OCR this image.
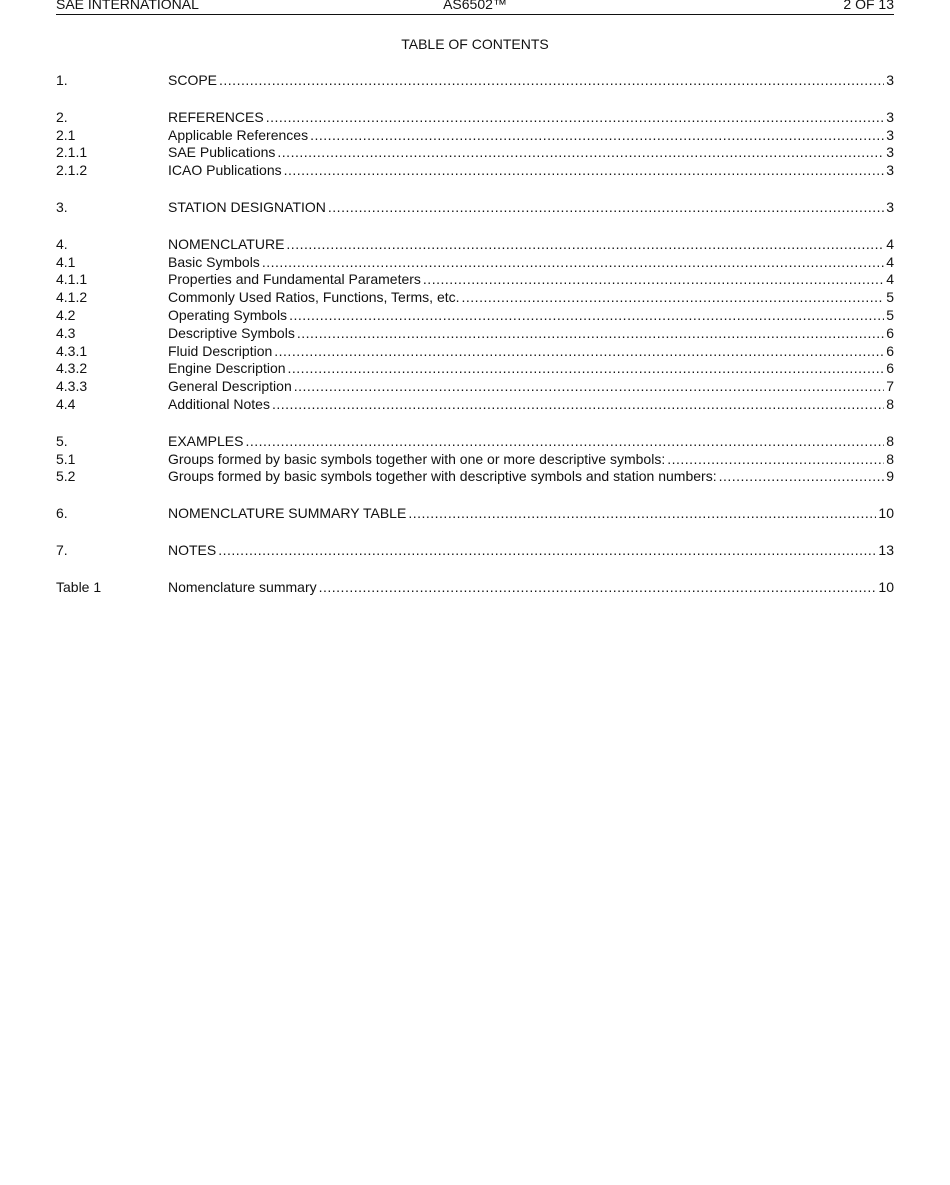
SAE INTERNATIONAL	AS6502™	2 OF 13
TABLE OF CONTENTS
1.	SCOPE .....	3
2.	REFERENCES .....	3
2.1	Applicable References .....	3
2.1.1	SAE Publications .....	3
2.1.2	ICAO Publications .....	3
3.	STATION DESIGNATION .....	3
4.	NOMENCLATURE .....	4
4.1	Basic Symbols .....	4
4.1.1	Properties and Fundamental Parameters .....	4
4.1.2	Commonly Used Ratios, Functions, Terms, etc. .....	5
4.2	Operating Symbols .....	5
4.3	Descriptive Symbols .....	6
4.3.1	Fluid Description .....	6
4.3.2	Engine Description .....	6
4.3.3	General Description .....	7
4.4	Additional Notes .....	8
5.	EXAMPLES .....	8
5.1	Groups formed by basic symbols together with one or more descriptive symbols: .....	8
5.2	Groups formed by basic symbols together with descriptive symbols and station numbers: .....	9
6.	NOMENCLATURE SUMMARY TABLE .....	10
7.	NOTES .....	13
Table 1	Nomenclature summary .....	10
